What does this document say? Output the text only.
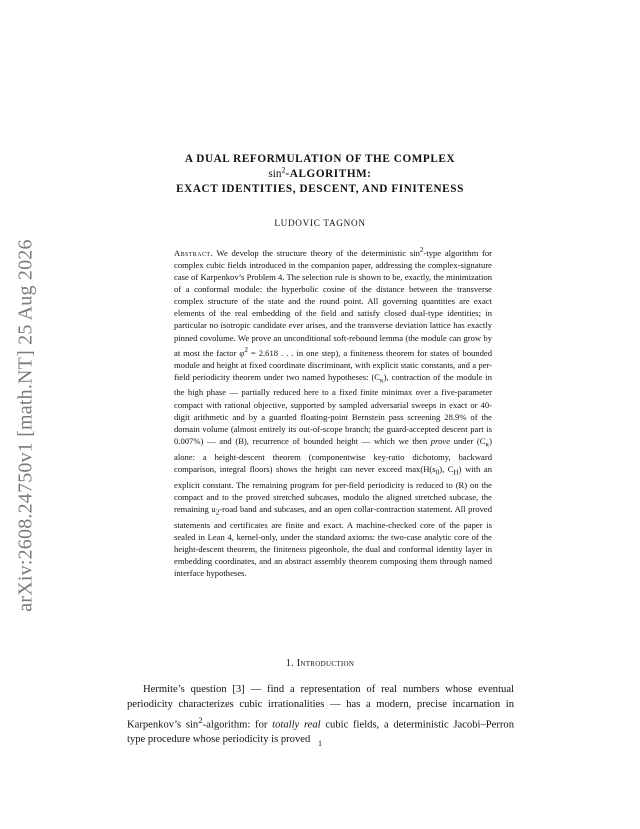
arXiv:2608.24750v1 [math.NT] 25 Aug 2026
A DUAL REFORMULATION OF THE COMPLEX
$\sin^2$-ALGORITHM:
EXACT IDENTITIES, DESCENT, AND FINITENESS
LUDOVIC TAGNON
Abstract. We develop the structure theory of the deterministic $\sin^2$-type algorithm for complex cubic fields introduced in the companion paper, addressing the complex-signature case of Karpenkov’s Problem 4. The selection rule is shown to be, exactly, the minimization of a conformal module: the hyperbolic cosine of the distance between the transverse complex structure of the state and the round point. All governing quantities are exact elements of the real embedding of the field and satisfy closed dual-type identities; in particular no isotropic candidate ever arises, and the transverse deviation lattice has exactly pinned covolume. We prove an unconditional soft-rebound lemma (the module can grow by at most the factor $\varphi^2 = 2.618$ . . . in one step), a finiteness theorem for states of bounded module and height at fixed coordinate discriminant, with explicit static constants, and a per-field periodicity theorem under two named hypotheses: $(C_\kappa)$, contraction of the module in the high phase — partially reduced here to a fixed finite minimax over a five-parameter compact with rational objective, supported by sampled adversarial sweeps in exact or 40-digit arithmetic and by a guarded floating-point Bernstein pass screening 28.9% of the domain volume (almost entirely its out-of-scope branch; the guard-accepted descent part is 0.007%) — and (B), recurrence of bounded height — which we then prove under $(C_\kappa)$ alone: a height-descent theorem (componentwise key-ratio dichotomy, backward comparison, integral floors) shows the height can never exceed $\max(H(s_0)$, $C_H$) with an explicit constant. The remaining program for per-field periodicity is reduced to (R) on the compact and to the proved stretched subcases, modulo the aligned stretched subcase, the remaining $u_2$-road band and subcases, and an open collar-contraction statement. All proved statements and certificates are finite and exact. A machine-checked core of the paper is sealed in Lean 4, kernel-only, under the standard axioms: the two-case analytic core of the height-descent theorem, the finiteness pigeonhole, the dual and conformal identity layer in embedding coordinates, and an abstract assembly theorem composing them through named interface hypotheses.
1. Introduction
Hermite’s question [3] — find a representation of real numbers whose eventual periodicity characterizes cubic irrationalities — has a modern, precise incarnation in Karpenkov’s $\sin^2$-algorithm: for totally real cubic fields, a deterministic Jacobi–Perron type procedure whose periodicity is proved 1
